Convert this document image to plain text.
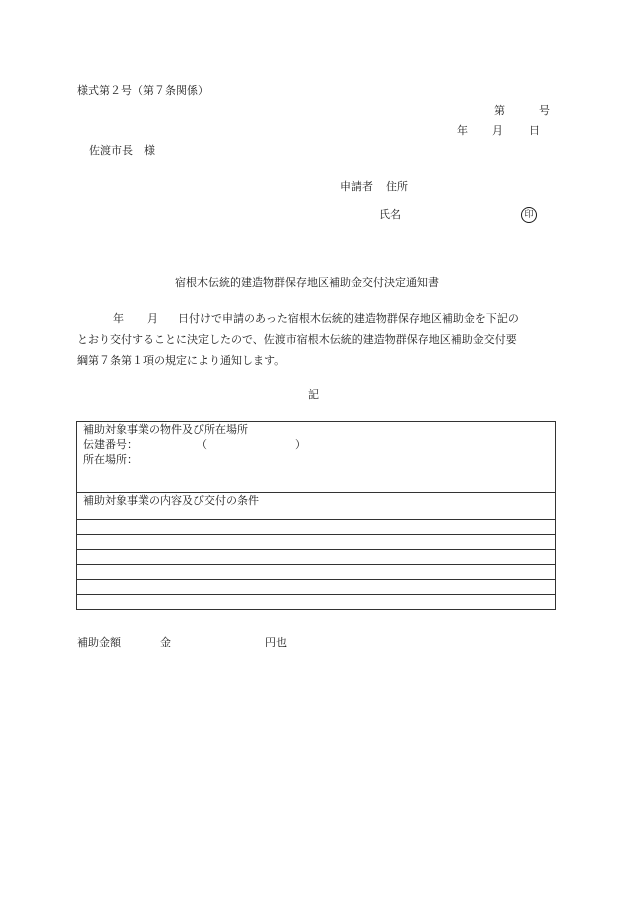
様式第２号（第７条関係）
第	号
年 月 日
佐渡市長　様
申請者 住所
氏名	印
宿根木伝統的建造物群保存地区補助金交付決定通知書
年 月 日付けで申請のあった宿根木伝統的建造物群保存地区補助金を下記の
とおり交付することに決定したので、佐渡市宿根木伝統的建造物群保存地区補助金交付要
綱第７条第１項の規定により通知します。
記
補助対象事業の物件及び所在場所
伝建番号：	（	）
所在場所：

補助対象事業の内容及び交付の条件

補助金額	金	円也
